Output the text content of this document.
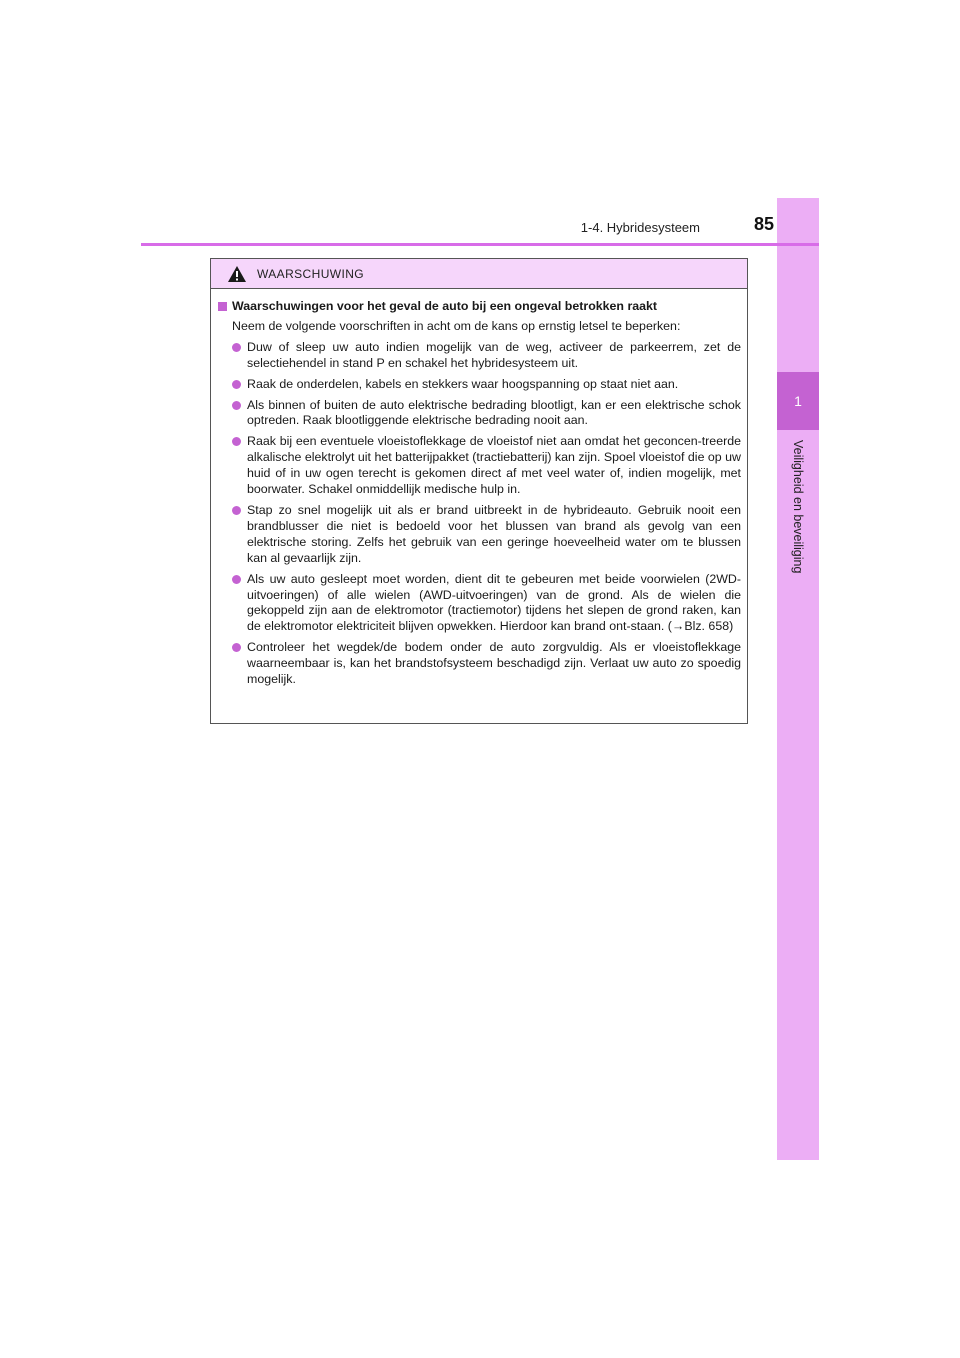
1
Veiligheid en beveiliging
1-4. Hybridesysteem	85
WAARSCHUWING
Waarschuwingen voor het geval de auto bij een ongeval betrokken raakt
Neem de volgende voorschriften in acht om de kans op ernstig letsel te beperken:
Duw of sleep uw auto indien mogelijk van de weg, activeer de parkeerrem, zet de selectiehendel in stand P en schakel het hybridesysteem uit.
Raak de onderdelen, kabels en stekkers waar hoogspanning op staat niet aan.
Als binnen of buiten de auto elektrische bedrading blootligt, kan er een elektrische schok optreden. Raak blootliggende elektrische bedrading nooit aan.
Raak bij een eventuele vloeistoflekkage de vloeistof niet aan omdat het geconcen-treerde alkalische elektrolyt uit het batterijpakket (tractiebatterij) kan zijn. Spoel vloeistof die op uw huid of in uw ogen terecht is gekomen direct af met veel water of, indien mogelijk, met boorwater. Schakel onmiddellijk medische hulp in.
Stap zo snel mogelijk uit als er brand uitbreekt in de hybrideauto. Gebruik nooit een brandblusser die niet is bedoeld voor het blussen van brand als gevolg van een elektrische storing. Zelfs het gebruik van een geringe hoeveelheid water om te blussen kan al gevaarlijk zijn.
Als uw auto gesleept moet worden, dient dit te gebeuren met beide voorwielen (2WD-uitvoeringen) of alle wielen (AWD-uitvoeringen) van de grond. Als de wielen die gekoppeld zijn aan de elektromotor (tractiemotor) tijdens het slepen de grond raken, kan de elektromotor elektriciteit blijven opwekken. Hierdoor kan brand ont-staan. (→Blz. 658)
Controleer het wegdek/de bodem onder de auto zorgvuldig. Als er vloeistoflekkage waarneembaar is, kan het brandstofsysteem beschadigd zijn. Verlaat uw auto zo spoedig mogelijk.
